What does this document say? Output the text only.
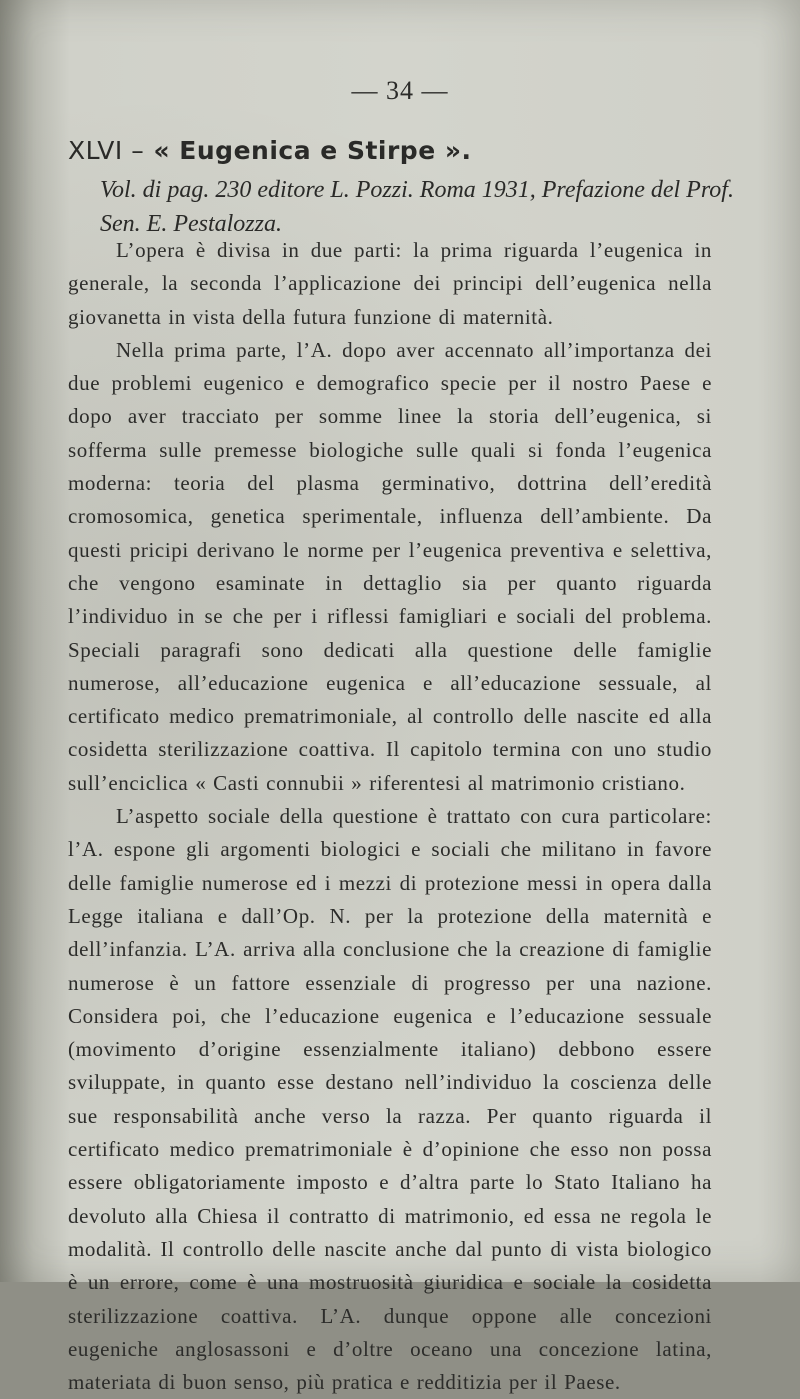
— 34 —
XLVI – « Eugenica e Stirpe ».
Vol. di pag. 230 editore L. Pozzi. Roma 1931, Prefazione del Prof. Sen. E. Pestalozza.

L’opera è divisa in due parti: la prima riguarda l’eugenica in generale, la seconda l’applicazione dei principi dell’eugenica nella giovanetta in vista della futura funzione di maternità.

Nella prima parte, l’A. dopo aver accennato all’importanza dei due problemi eugenico e demografico specie per il nostro Paese e dopo aver tracciato per somme linee la storia dell’eugenica, si sofferma sulle premesse biologiche sulle quali si fonda l’eugenica moderna: teoria del plasma germinativo, dottrina dell’eredità cromosomica, genetica sperimentale, influenza dell’ambiente. Da questi pricipi derivano le norme per l’eugenica preventiva e selettiva, che vengono esaminate in dettaglio sia per quanto riguarda l’individuo in se che per i riflessi famigliari e sociali del problema. Speciali paragrafi sono dedicati alla questione delle famiglie numerose, all’educazione eugenica e all’educazione sessuale, al certificato medico prematrimoniale, al controllo delle nascite ed alla cosidetta sterilizzazione coattiva. Il capitolo termina con uno studio sull’enciclica « Casti connubii » riferentesi al matrimonio cristiano.

L’aspetto sociale della questione è trattato con cura particolare: l’A. espone gli argomenti biologici e sociali che militano in favore delle famiglie numerose ed i mezzi di protezione messi in opera dalla Legge italiana e dall’Op. N. per la protezione della maternità e dell’infanzia. L’A. arriva alla conclusione che la creazione di famiglie numerose è un fattore essenziale di progresso per una nazione. Considera poi, che l’educazione eugenica e l’educazione sessuale (movimento d’origine essenzialmente italiano) debbono essere sviluppate, in quanto esse destano nell’individuo la coscienza delle sue responsabilità anche verso la razza. Per quanto riguarda il certificato medico prematrimoniale è d’opinione che esso non possa essere obligatoriamente imposto e d’altra parte lo Stato Italiano ha devoluto alla Chiesa il contratto di matrimonio, ed essa ne regola le modalità. Il controllo delle nascite anche dal punto di vista biologico è un errore, come è una mostruosità giuridica e sociale la cosidetta sterilizzazione coattiva. L’A. dunque oppone alle concezioni eugeniche anglosassoni e d’oltre oceano una concezione latina, materiata di buon senso, più pratica e redditizia per il Paese.
